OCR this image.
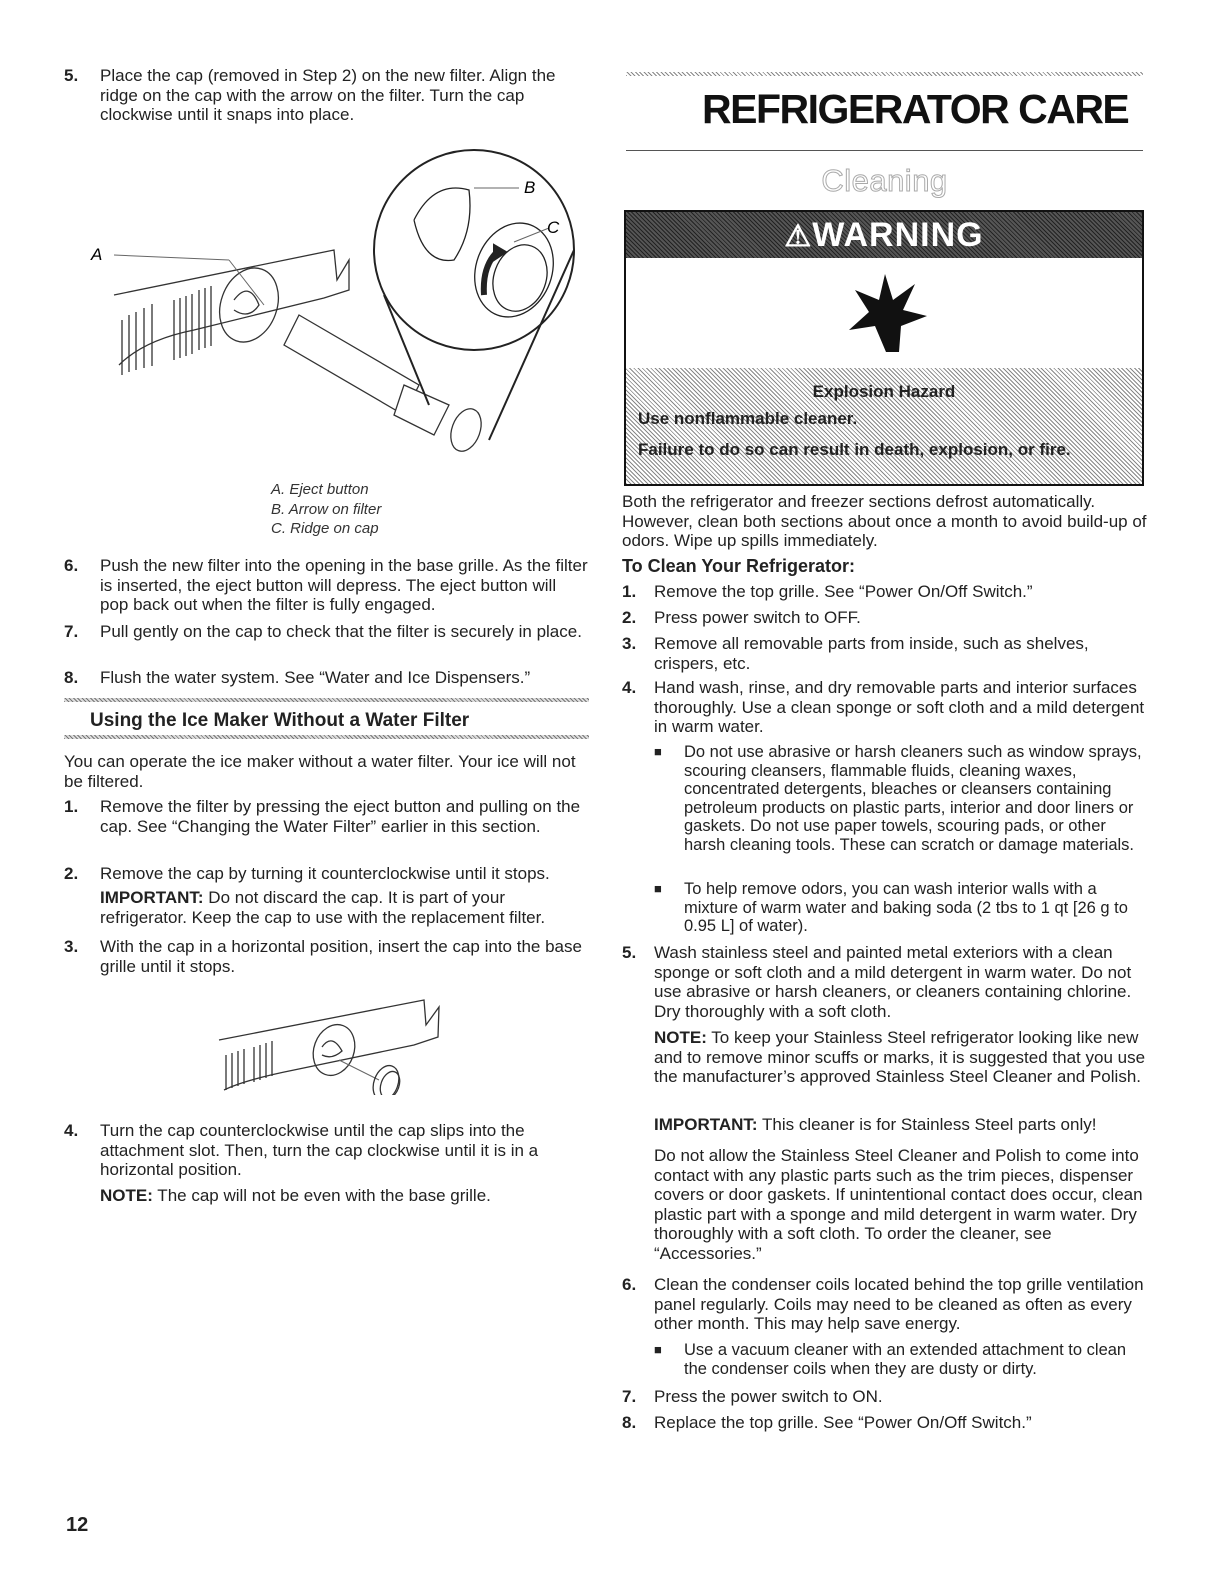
5. Place the cap (removed in Step 2) on the new filter. Align the ridge on the cap with the arrow on the filter. Turn the cap clockwise until it snaps into place.
A
B
C
A. Eject button
B. Arrow on filter
C. Ridge on cap
6. Push the new filter into the opening in the base grille. As the filter is inserted, the eject button will depress. The eject button will pop back out when the filter is fully engaged.
7. Pull gently on the cap to check that the filter is securely in place.
8. Flush the water system. See “Water and Ice Dispensers.”
Using the Ice Maker Without a Water Filter
You can operate the ice maker without a water filter. Your ice will not be filtered.
1. Remove the filter by pressing the eject button and pulling on the cap. See “Changing the Water Filter” earlier in this section.
2. Remove the cap by turning it counterclockwise until it stops.
IMPORTANT: Do not discard the cap. It is part of your refrigerator. Keep the cap to use with the replacement filter.
3. With the cap in a horizontal position, insert the cap into the base grille until it stops.
4. Turn the cap counterclockwise until the cap slips into the attachment slot. Then, turn the cap clockwise until it is in a horizontal position.
NOTE: The cap will not be even with the base grille.
REFRIGERATOR CARE
Cleaning
⚠WARNING
Explosion Hazard
Use nonflammable cleaner.
Failure to do so can result in death, explosion, or fire.
Both the refrigerator and freezer sections defrost automatically. However, clean both sections about once a month to avoid build-up of odors. Wipe up spills immediately.
To Clean Your Refrigerator:
1. Remove the top grille. See “Power On/Off Switch.”
2. Press power switch to OFF.
3. Remove all removable parts from inside, such as shelves, crispers, etc.
4. Hand wash, rinse, and dry removable parts and interior surfaces thoroughly. Use a clean sponge or soft cloth and a mild detergent in warm water.
■ Do not use abrasive or harsh cleaners such as window sprays, scouring cleansers, flammable fluids, cleaning waxes, concentrated detergents, bleaches or cleansers containing petroleum products on plastic parts, interior and door liners or gaskets. Do not use paper towels, scouring pads, or other harsh cleaning tools. These can scratch or damage materials.
■ To help remove odors, you can wash interior walls with a mixture of warm water and baking soda (2 tbs to 1 qt [26 g to 0.95 L] of water).
5. Wash stainless steel and painted metal exteriors with a clean sponge or soft cloth and a mild detergent in warm water. Do not use abrasive or harsh cleaners, or cleaners containing chlorine. Dry thoroughly with a soft cloth.
NOTE: To keep your Stainless Steel refrigerator looking like new and to remove minor scuffs or marks, it is suggested that you use the manufacturer’s approved Stainless Steel Cleaner and Polish.
IMPORTANT: This cleaner is for Stainless Steel parts only!
Do not allow the Stainless Steel Cleaner and Polish to come into contact with any plastic parts such as the trim pieces, dispenser covers or door gaskets. If unintentional contact does occur, clean plastic part with a sponge and mild detergent in warm water. Dry thoroughly with a soft cloth. To order the cleaner, see “Accessories.”
6. Clean the condenser coils located behind the top grille ventilation panel regularly. Coils may need to be cleaned as often as every other month. This may help save energy.
■ Use a vacuum cleaner with an extended attachment to clean the condenser coils when they are dusty or dirty.
7. Press the power switch to ON.
8. Replace the top grille. See “Power On/Off Switch.”
12
